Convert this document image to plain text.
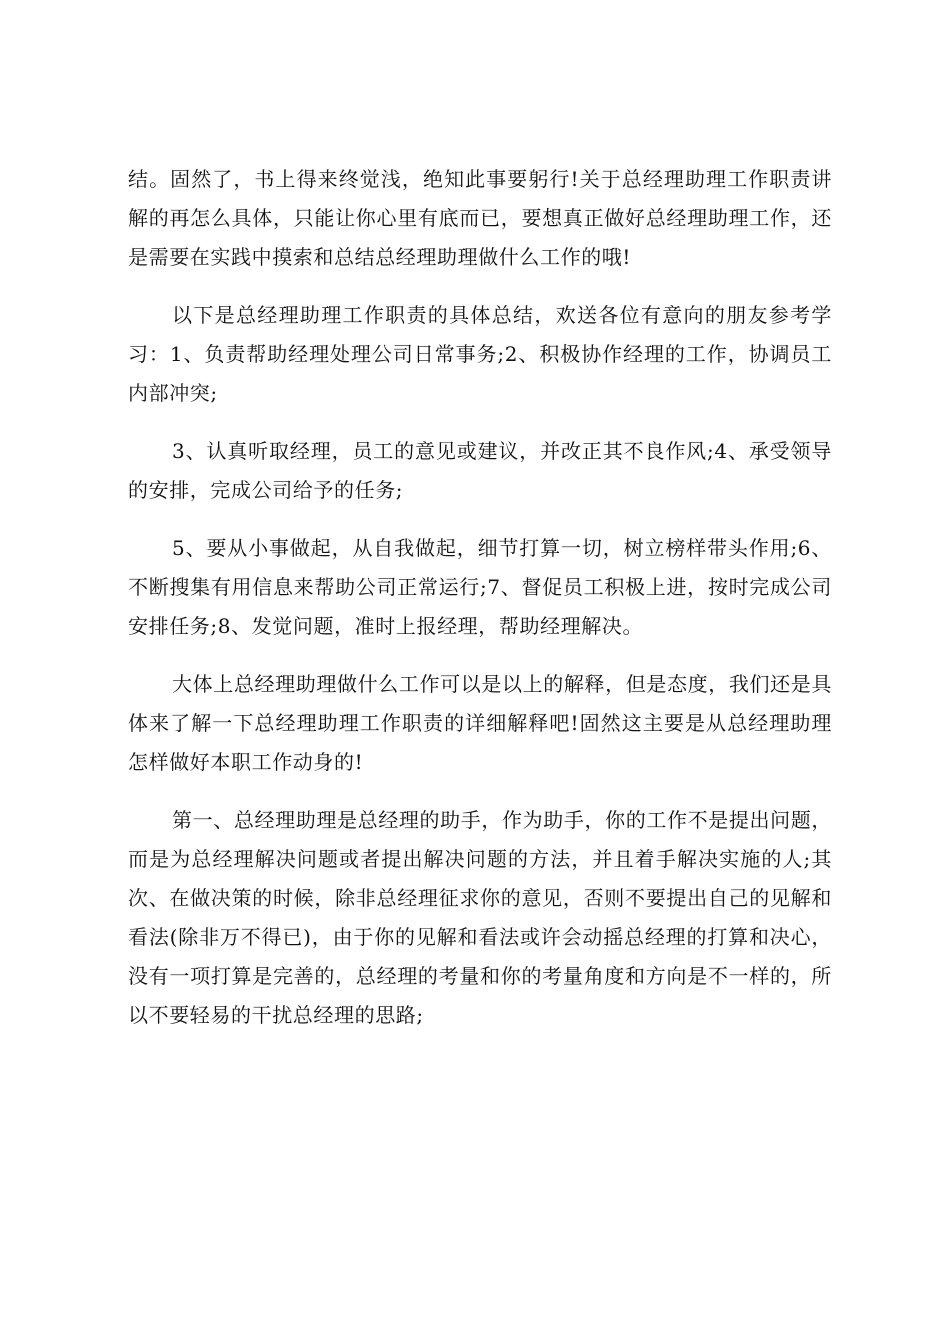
结。固然了，书上得来终觉浅，绝知此事要躬行!关于总经理助理工作职责讲解的再怎么具体，只能让你心里有底而已，要想真正做好总经理助理工作，还是需要在实践中摸索和总结总经理助理做什么工作的哦!

以下是总经理助理工作职责的具体总结，欢送各位有意向的朋友参考学习：1、负责帮助经理处理公司日常事务;2、积极协作经理的工作，协调员工内部冲突;

3、认真听取经理，员工的意见或建议，并改正其不良作风;4、承受领导的安排，完成公司给予的任务;

5、要从小事做起，从自我做起，细节打算一切，树立榜样带头作用;6、不断搜集有用信息来帮助公司正常运行;7、督促员工积极上进，按时完成公司安排任务;8、发觉问题，准时上报经理，帮助经理解决。

大体上总经理助理做什么工作可以是以上的解释，但是态度，我们还是具体来了解一下总经理助理工作职责的详细解释吧!固然这主要是从总经理助理怎样做好本职工作动身的!

第一、总经理助理是总经理的助手，作为助手，你的工作不是提出问题，而是为总经理解决问题或者提出解决问题的方法，并且着手解决实施的人;其次、在做决策的时候，除非总经理征求你的意见，否则不要提出自己的见解和看法(除非万不得已)，由于你的见解和看法或许会动摇总经理的打算和决心，没有一项打算是完善的，总经理的考量和你的考量角度和方向是不一样的，所以不要轻易的干扰总经理的思路;
